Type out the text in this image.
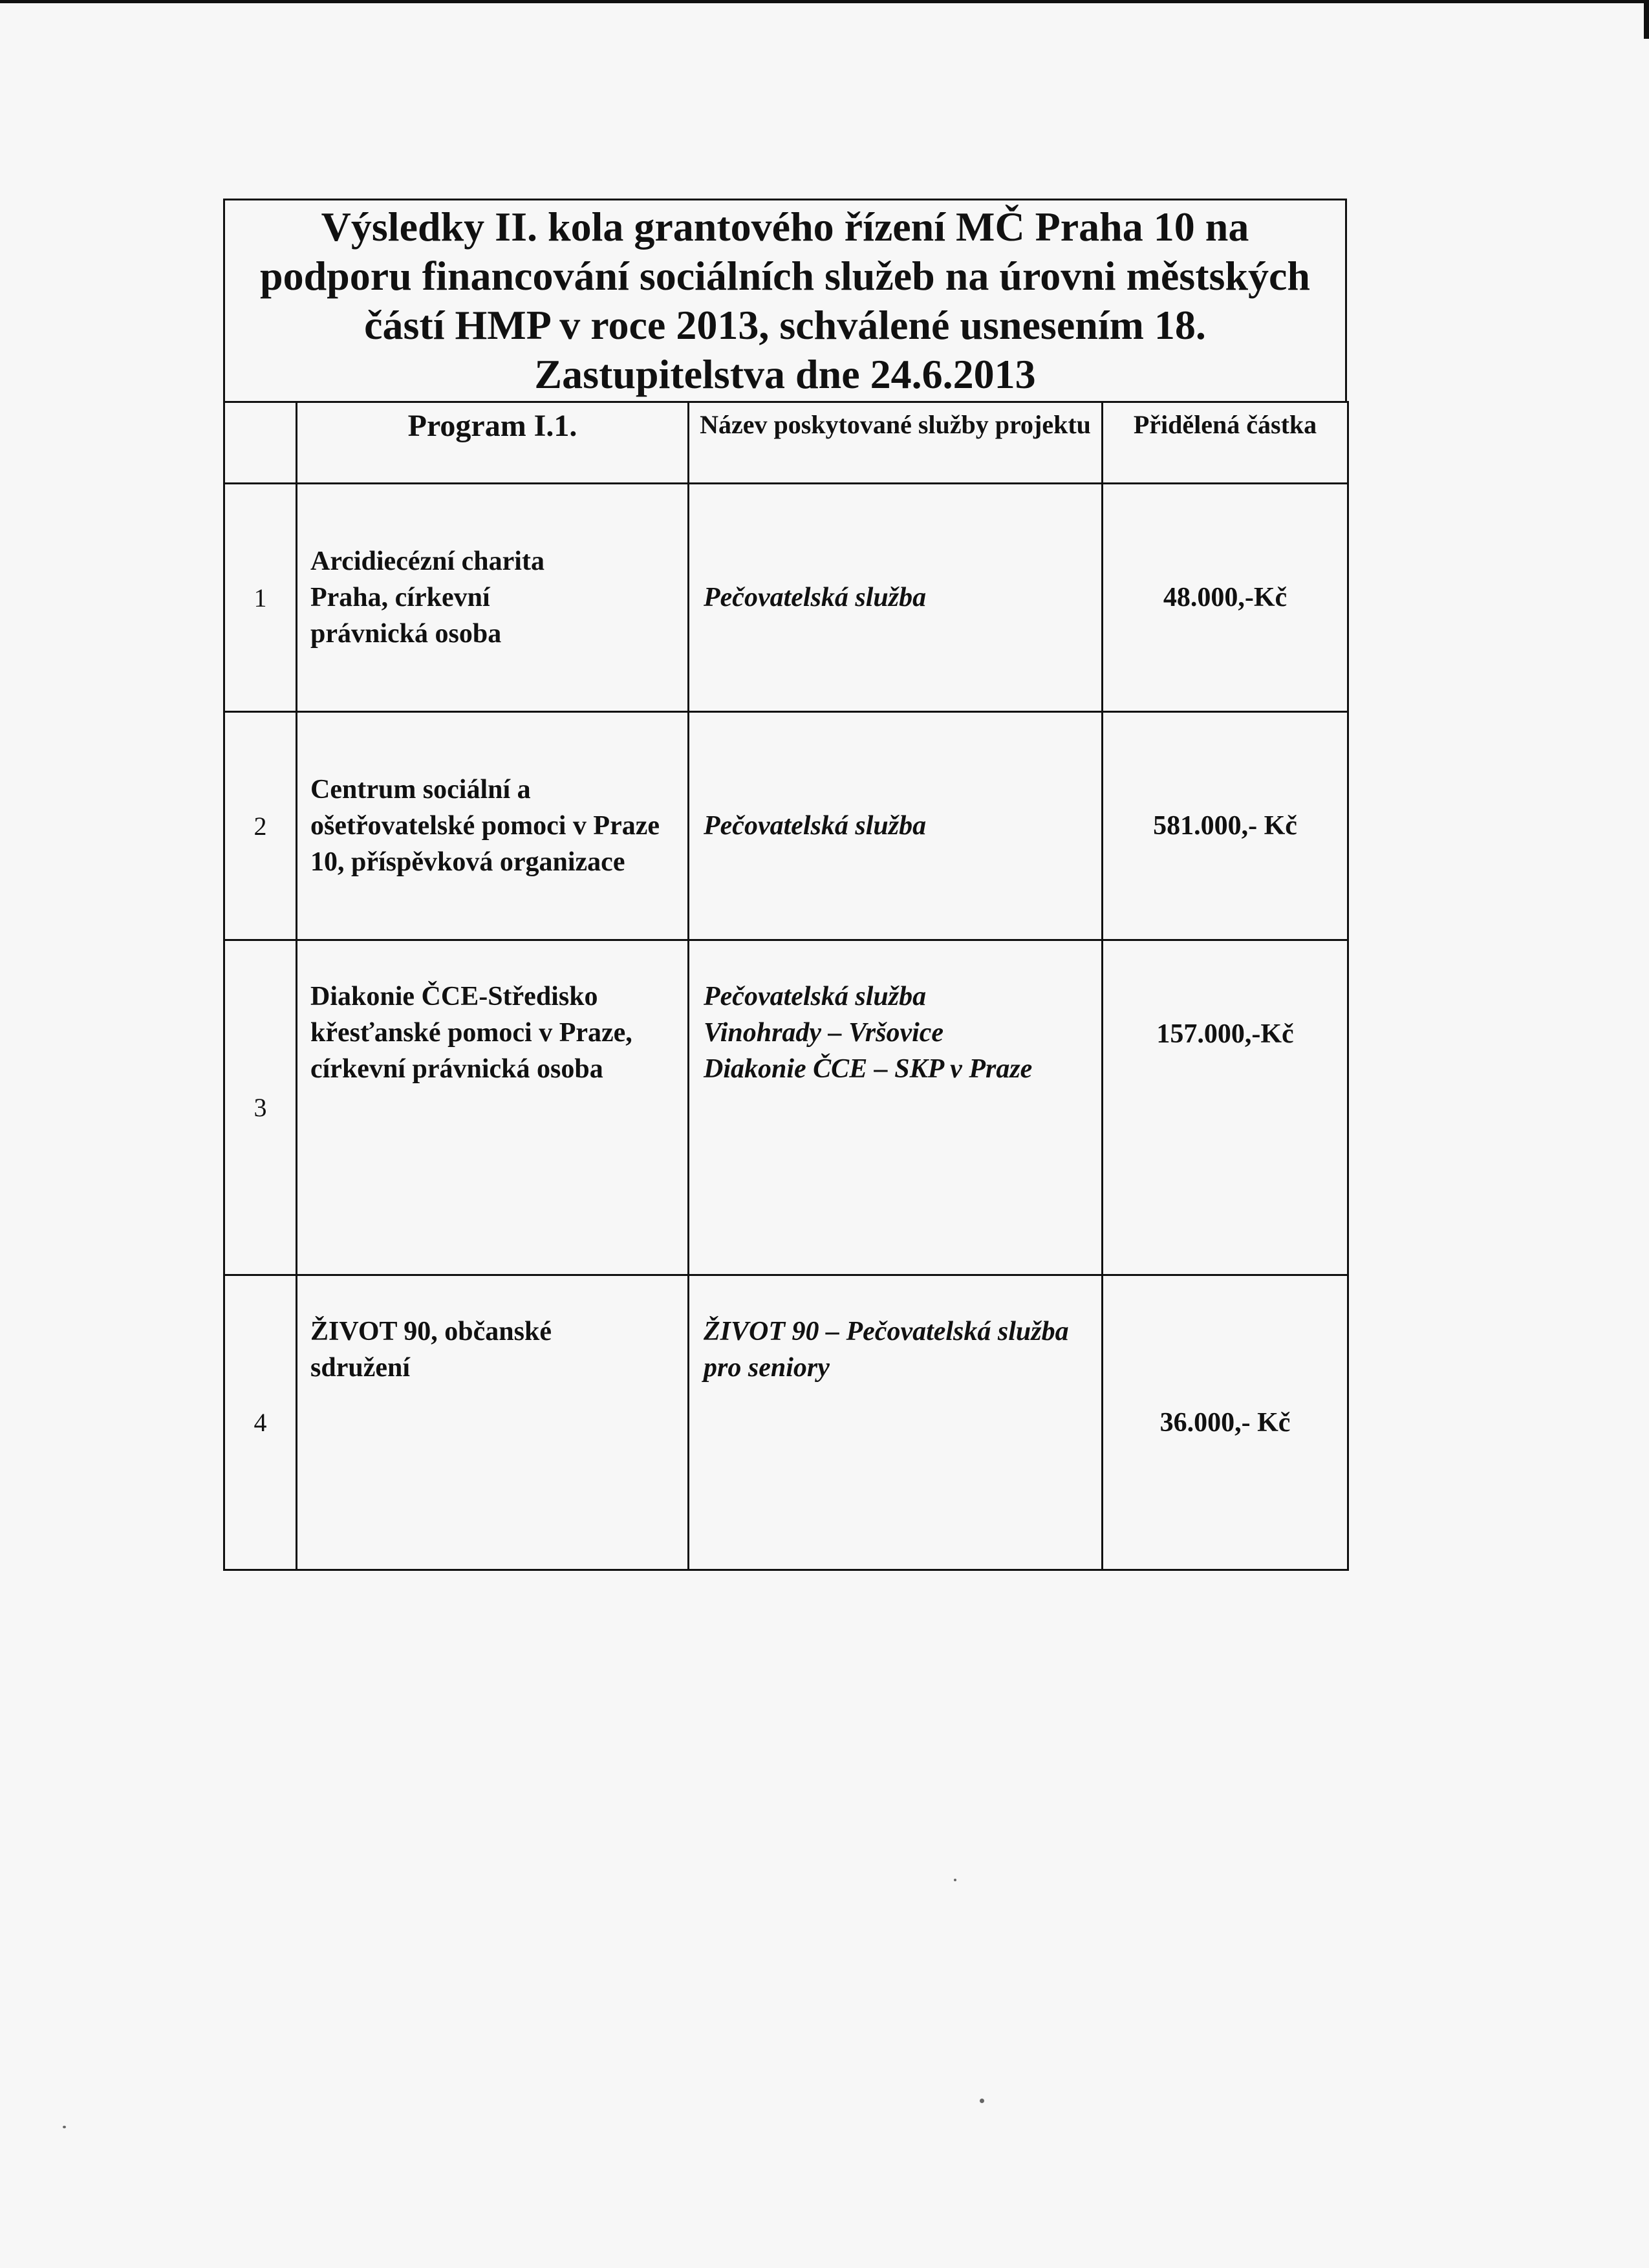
Výsledky II. kola grantového řízení MČ Praha 10 na podporu financování sociálních služeb na úrovni městských částí HMP v roce 2013, schválené usnesením 18. Zastupitelstva dne 24.6.2013
	Program I.1.	Název poskytované služby projektu	Přidělená částka
1	Arcidiecézní charita Praha, církevní právnická osoba	Pečovatelská služba	48.000,-Kč
2	Centrum sociální a ošetřovatelské pomoci v Praze 10, příspěvková organizace	Pečovatelská služba	581.000,- Kč
3	Diakonie ČCE-Středisko křesťanské pomoci v Praze, církevní právnická osoba	Pečovatelská služba Vinohrady – Vršovice Diakonie ČCE – SKP v Praze	157.000,-Kč
4	ŽIVOT 90, občanské sdružení	ŽIVOT 90 – Pečovatelská služba pro seniory	36.000,- Kč
